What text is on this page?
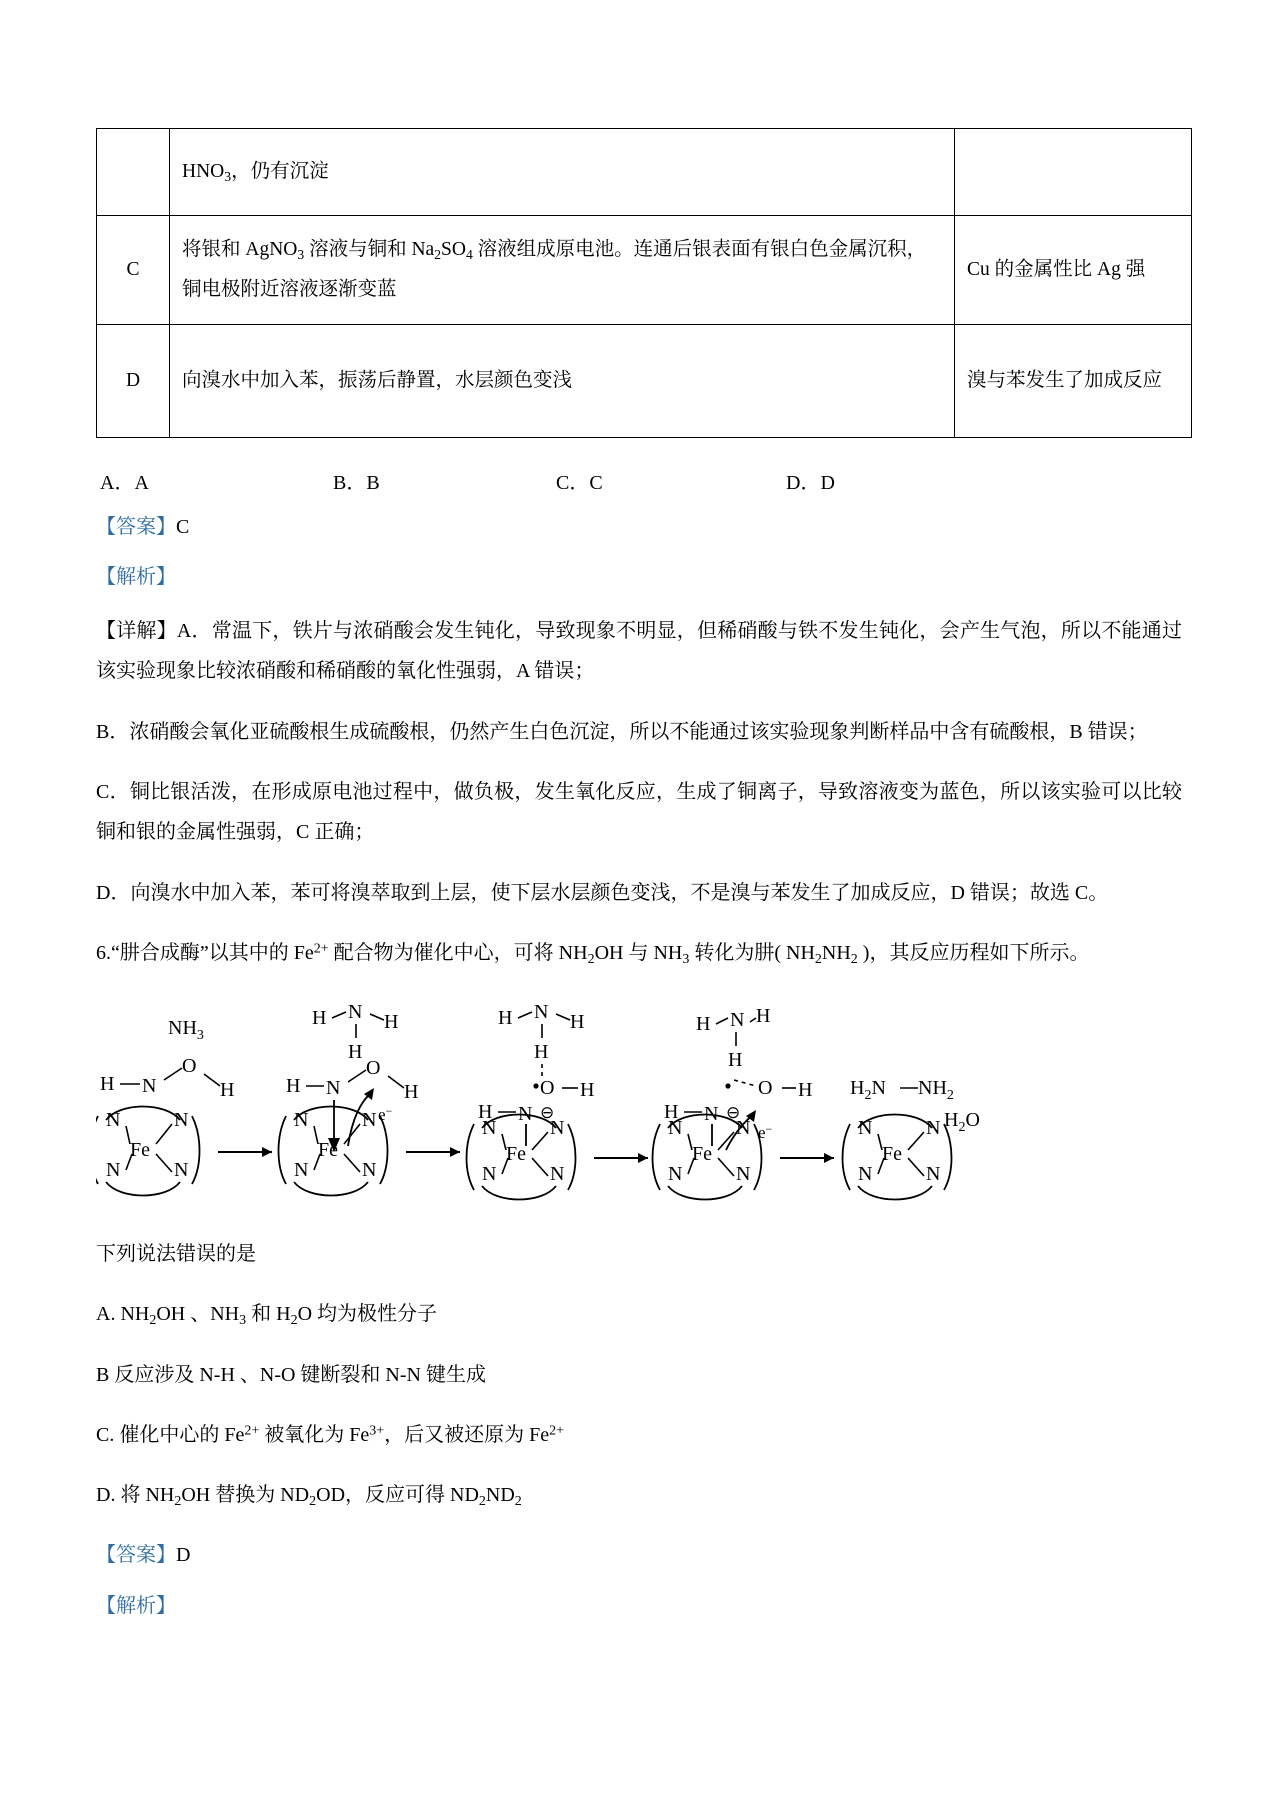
	$HNO_3$，仍有沉淀	
C	将银和 AgNO$_3$ 溶液与铜和 $Na_2SO_4$ 溶液组成原电池。连通后银表面有银白色金属沉积，铜电极附近溶液逐渐变蓝	Cu 的金属性比 Ag 强
D	向溴水中加入苯，振荡后静置，水层颜色变浅	溴与苯发生了加成反应
A．A	B．B	C．C	D．D

【答案】C

【解析】

【详解】A．常温下，铁片与浓硝酸会发生钝化，导致现象不明显，但稀硝酸与铁不发生钝化，会产生气泡，所以不能通过该实验现象比较浓硝酸和稀硝酸的氧化性强弱，A 错误；

B．浓硝酸会氧化亚硫酸根生成硫酸根，仍然产生白色沉淀，所以不能通过该实验现象判断样品中含有硫酸根，B 错误；

C．铜比银活泼，在形成原电池过程中，做负极，发生氧化反应，生成了铜离子，导致溶液变为蓝色，所以该实验可以比较铜和银的金属性强弱，C 正确；

D．向溴水中加入苯，苯可将溴萃取到上层，使下层水层颜色变浅，不是溴与苯发生了加成反应，D 错误；故选 C。

6.“肼合成酶”以其中的 $Fe^{2+}$ 配合物为催化中心，可将 $NH_2OH$ 与 $NH_3$ 转化为肼( $NH_2NH_2$ )，其反应历程如下所示。

$NH_3$
H N
O
H
N	N
N	N
Fe
H N H
H
H N
O
H
e−
N	N
N	N
Fe
H N H
H
O H
H N ⊖
N	N
N	N
Fe
H N H
H
O H
H N ⊖
e−
N	N
N	N
Fe
$H_2N$ $NH_2$
$H_2O$
N	N
N	N
Fe

下列说法错误的是

A. $NH_2OH$ 、$NH_3$ 和 $H_2O$ 均为极性分子

B 反应涉及 N-H 、N-O 键断裂和 N-N 键生成

C. 催化中心的 $Fe^{2+}$ 被氧化为 $Fe^{3+}$，后又被还原为 $Fe^{2+}$

D. 将 $NH_2OH$ 替换为 $ND_2OD$，反应可得 $ND_2ND_2$

【答案】D

【解析】
